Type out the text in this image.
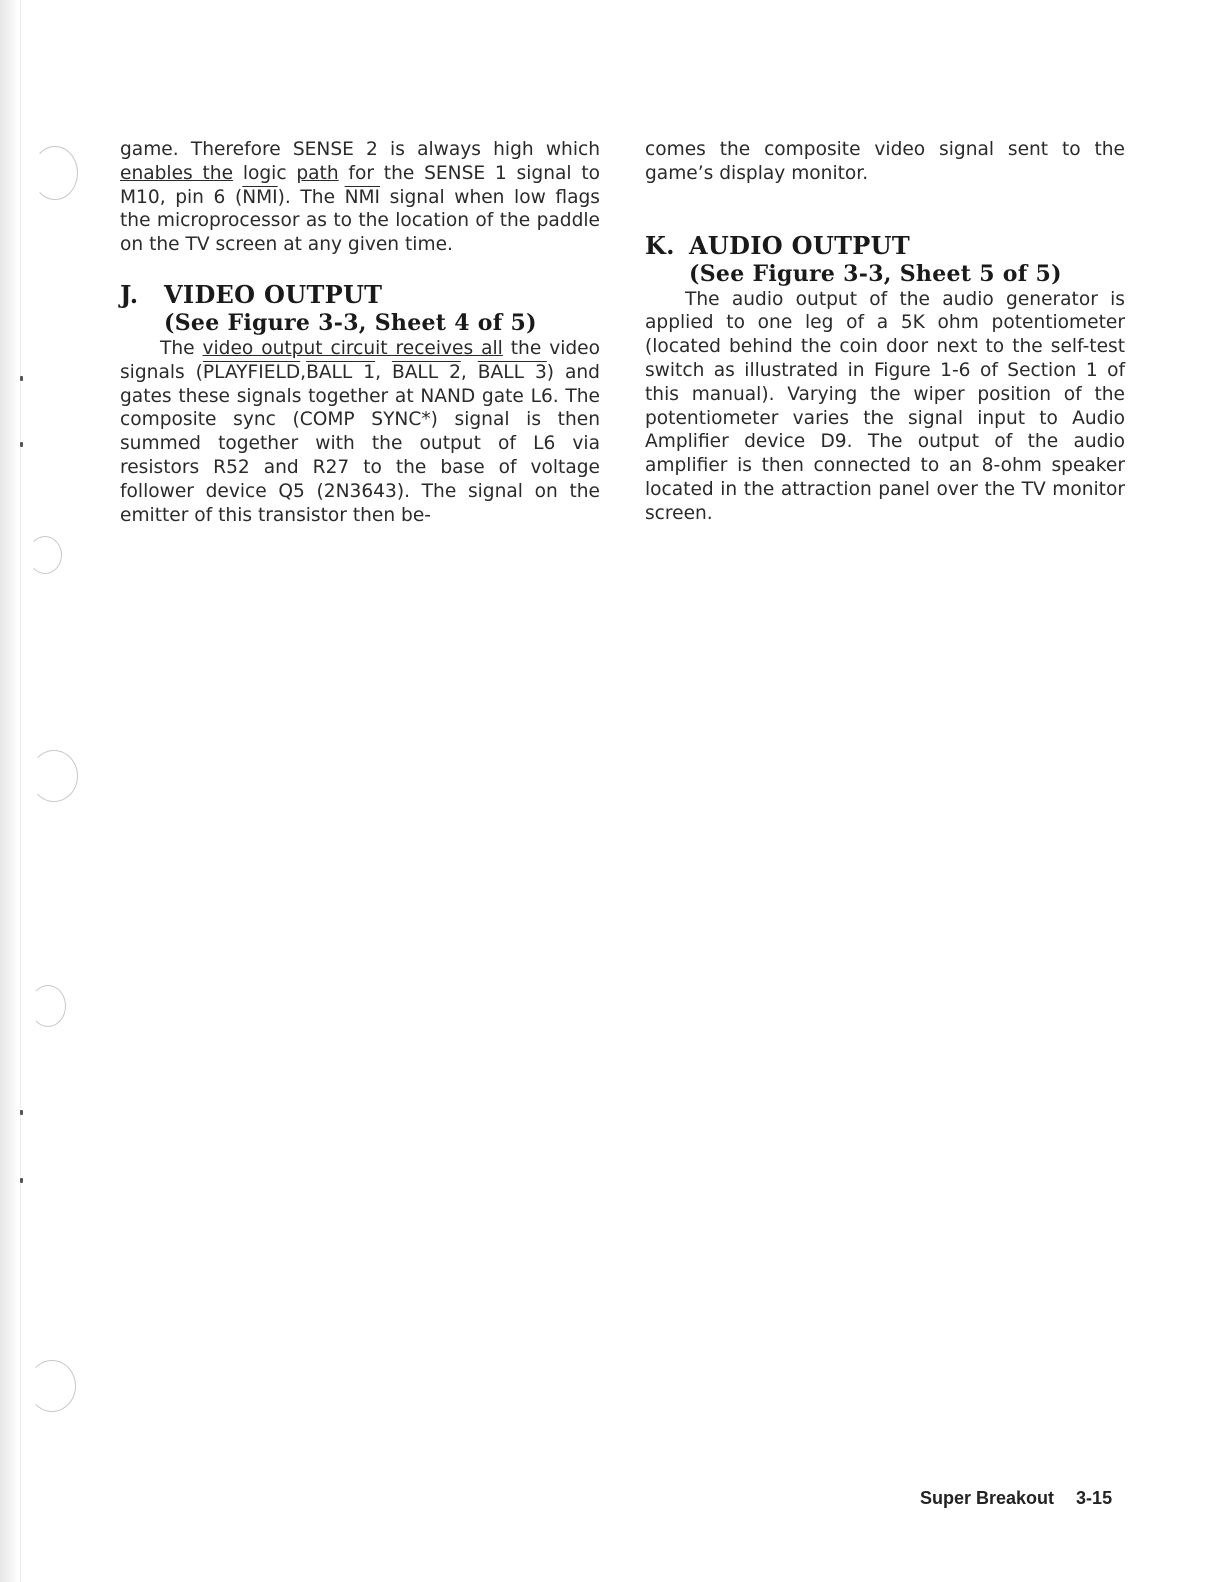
game. Therefore SENSE 2 is always high which enables the logic path for the SENSE 1 signal to M10, pin 6 $(\overline{NMI})$. The $\overline{NMI}$ signal when low flags the microprocessor as to the location of the paddle on the TV screen at any given time.

J. VIDEO OUTPUT
(See Figure 3-3, Sheet 4 of 5)

The video output circuit receives all the video signals (PLAYFIELD,BALL 1, BALL 2, BALL 3) and gates these signals together at NAND gate L6. The composite sync (COMP SYNC*) signal is then summed together with the output of L6 via resistors R52 and R27 to the base of voltage follower device Q5 (2N3643). The signal on the emitter of this transistor then be-

comes the composite video signal sent to the game’s display monitor.

K. AUDIO OUTPUT
(See Figure 3-3, Sheet 5 of 5)

The audio output of the audio generator is applied to one leg of a 5K ohm potentiometer (located behind the coin door next to the self-test switch as illustrated in Figure 1-6 of Section 1 of this manual). Varying the wiper position of the potentiometer varies the signal input to Audio Amplifier device D9. The output of the audio amplifier is then connected to an 8-ohm speaker located in the attraction panel over the TV monitor screen.

Super Breakout 3-15
